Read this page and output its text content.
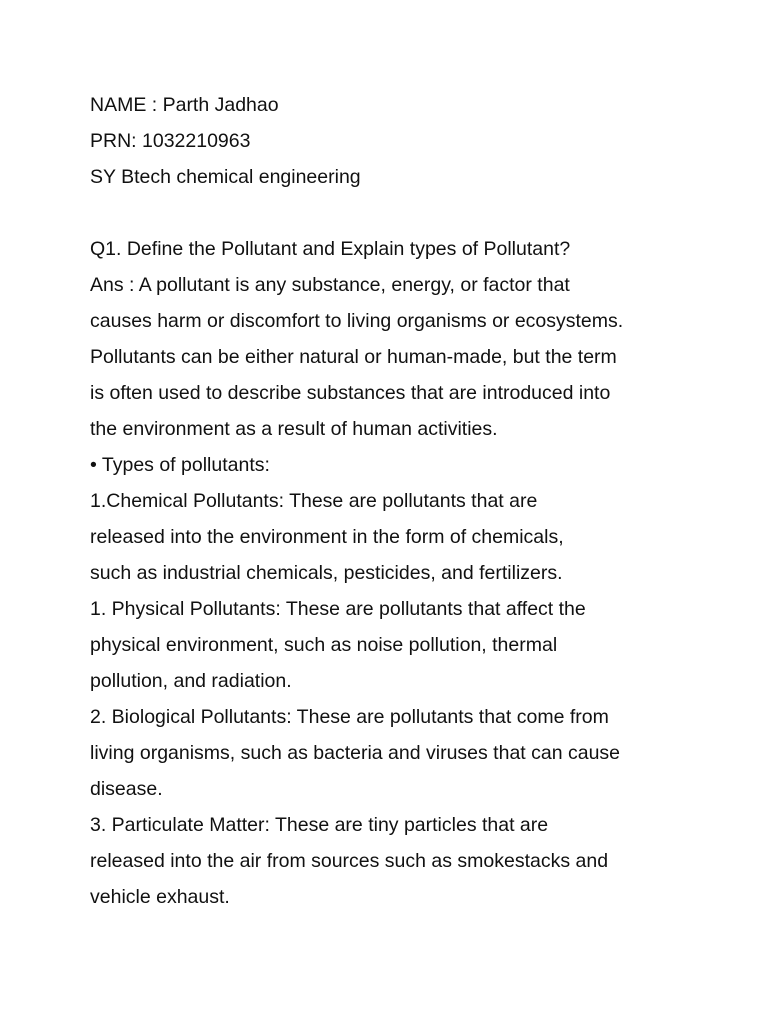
NAME : Parth Jadhao

PRN: 1032210963

SY Btech chemical engineering

Q1. Define the Pollutant and Explain types of Pollutant?

Ans : A pollutant is any substance, energy, or factor that

causes harm or discomfort to living organisms or ecosystems.

Pollutants can be either natural or human-made, but the term

is often used to describe substances that are introduced into

the environment as a result of human activities.

• Types of pollutants:

1.Chemical Pollutants: These are pollutants that are

released into the environment in the form of chemicals,

such as industrial chemicals, pesticides, and fertilizers.

1. Physical Pollutants: These are pollutants that affect the

physical environment, such as noise pollution, thermal

pollution, and radiation.

2. Biological Pollutants: These are pollutants that come from

living organisms, such as bacteria and viruses that can cause

disease.

3. Particulate Matter: These are tiny particles that are

released into the air from sources such as smokestacks and

vehicle exhaust.
